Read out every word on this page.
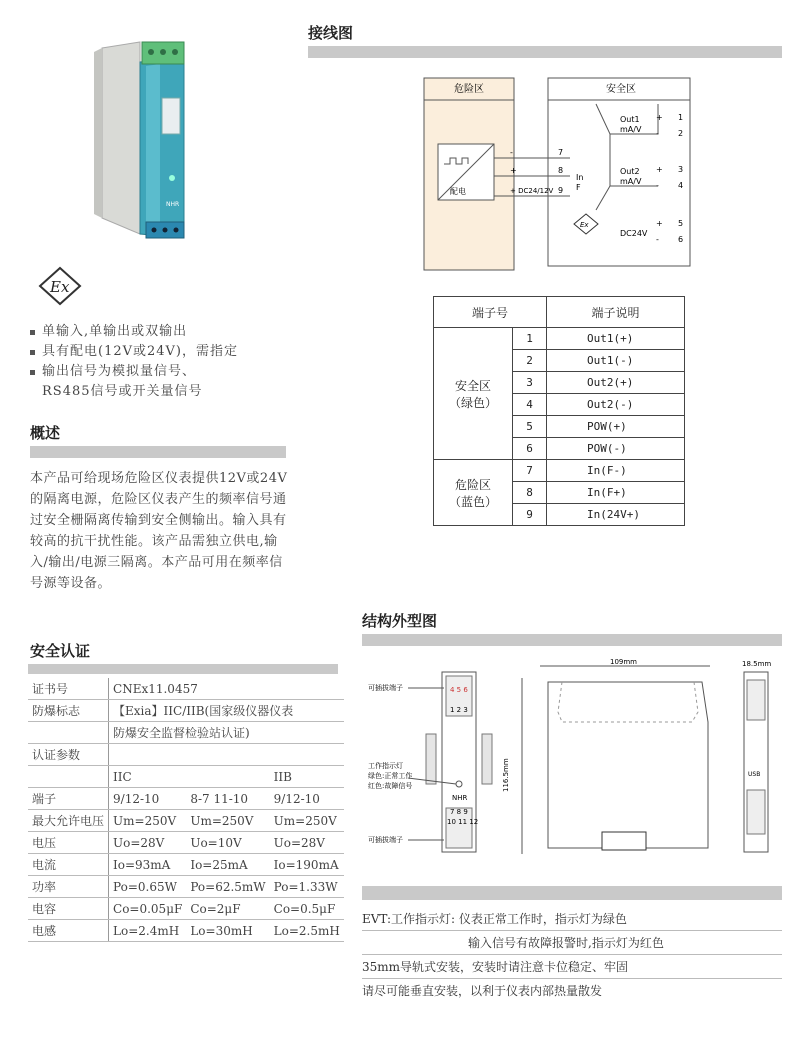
NHR
Ex
单输入,单输出或双输出
具有配电(12V或24V)，需指定
输出信号为模拟量信号、
RS485信号或开关量信号
概述
本产品可给现场危险区仪表提供12V或24V的隔离电源，危险区仪表产生的频率信号通过安全栅隔离传输到安全侧输出。输入具有较高的抗干扰性能。该产品需独立供电,输入/输出/电源三隔离。本产品可用在频率信号源等设备。
安全认证
证书号	CNEx11.0457		
防爆标志	【Exia】IIC/IIB(国家级仪器仪表		
	防爆安全监督检验站认证)		
认证参数			
	IIC		IIB
端子	9/12-10	8-7 11-10	9/12-10
最大允许电压	Um=250V	Um=250V	Um=250V
电压	Uo=28V	Uo=10V	Uo=28V
电流	Io=93mA	Io=25mA	Io=190mA
功率	Po=0.65W	Po=62.5mW	Po=1.33W
电容	Co=0.05μF	Co=2μF	Co=0.5μF
电感	Lo=2.4mH	Lo=30mH	Lo=2.5mH
接线图
危险区	安全区
配电
-
+
+ DC24/12V
7
8
9
In
F
Out1
mA/V
Out2
mA/V
DC24V
+
-
+
-
+
-
1
2
3
4
5
6
Ex
端子号		端子说明

安全区
（绿色）	1	Out1(+)
	2	Out1(-)
	3	Out2(+)
	4	Out2(-)
	5	POW(+)
	6	POW(-)

危险区
（蓝色）	7	In(F-)
	8	In(F+)
	9	In(24V+)
结构外型图
4 5 6
1 2 3
7 8 9
10 11 12
NHR
可插拔端子
工作指示灯
绿色:正常工作
红色:故障信号
可插拔端子
116.5mm
109mm	18.5mm
USB
EVT:工作指示灯: 仪表正常工作时，指示灯为绿色
输入信号有故障报警时,指示灯为红色
35mm导轨式安装，安装时请注意卡位稳定、牢固
请尽可能垂直安装，以利于仪表内部热量散发
